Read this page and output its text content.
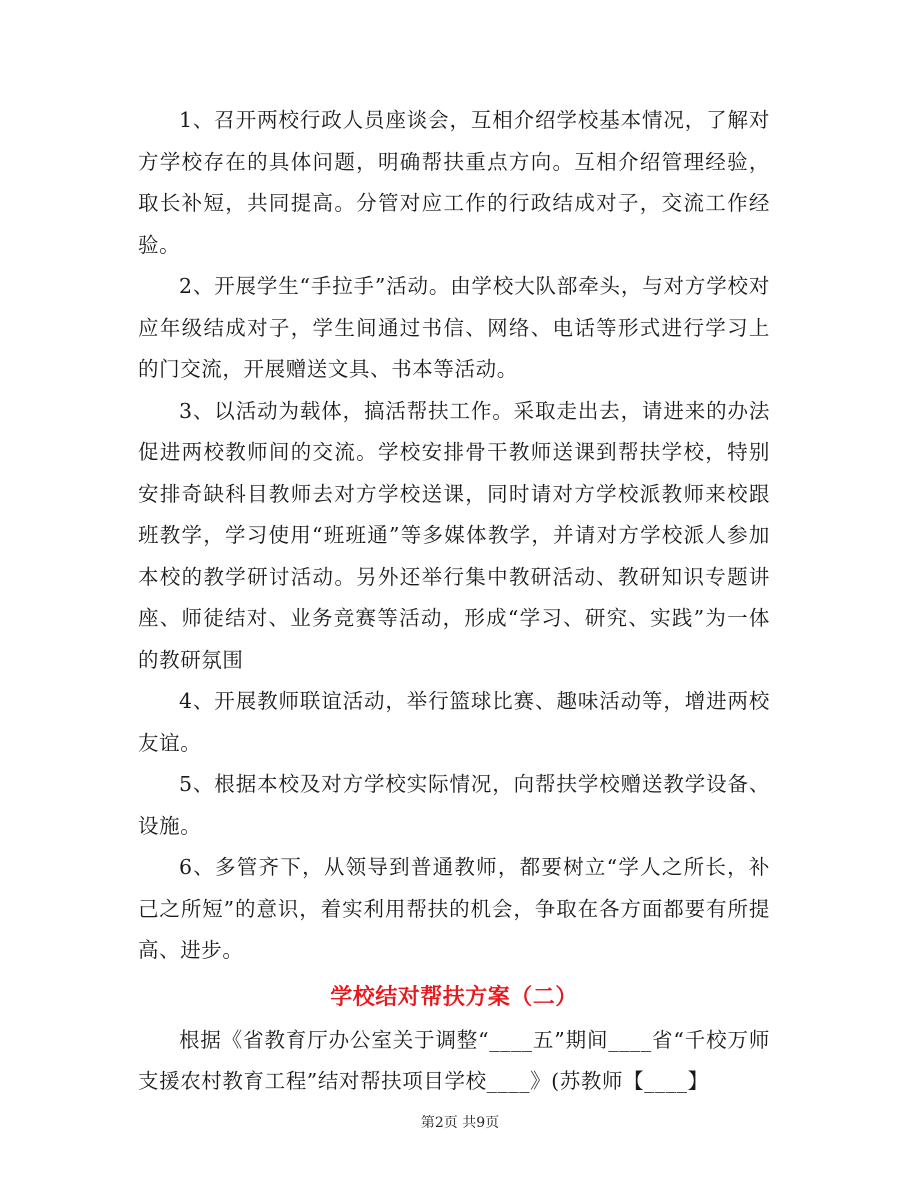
1、召开两校行政人员座谈会，互相介绍学校基本情况，了解对方学校存在的具体问题，明确帮扶重点方向。互相介绍管理经验，取长补短，共同提高。分管对应工作的行政结成对子，交流工作经验。

2、开展学生“手拉手”活动。由学校大队部牵头，与对方学校对应年级结成对子，学生间通过书信、网络、电话等形式进行学习上的门交流，开展赠送文具、书本等活动。

3、以活动为载体，搞活帮扶工作。采取走出去，请进来的办法促进两校教师间的交流。学校安排骨干教师送课到帮扶学校，特别安排奇缺科目教师去对方学校送课，同时请对方学校派教师来校跟班教学，学习使用“班班通”等多媒体教学，并请对方学校派人参加本校的教学研讨活动。另外还举行集中教研活动、教研知识专题讲座、师徒结对、业务竞赛等活动，形成“学习、研究、实践”为一体的教研氛围

4、开展教师联谊活动，举行篮球比赛、趣味活动等，增进两校友谊。

5、根据本校及对方学校实际情况，向帮扶学校赠送教学设备、设施。

6、多管齐下，从领导到普通教师，都要树立“学人之所长，补己之所短”的意识，着实利用帮扶的机会，争取在各方面都要有所提高、进步。

学校结对帮扶方案（二）

根据《省教育厅办公室关于调整“____五”期间____省“千校万师支援农村教育工程”结对帮扶项目学校____》(苏教师【____】

第2页 共9页
